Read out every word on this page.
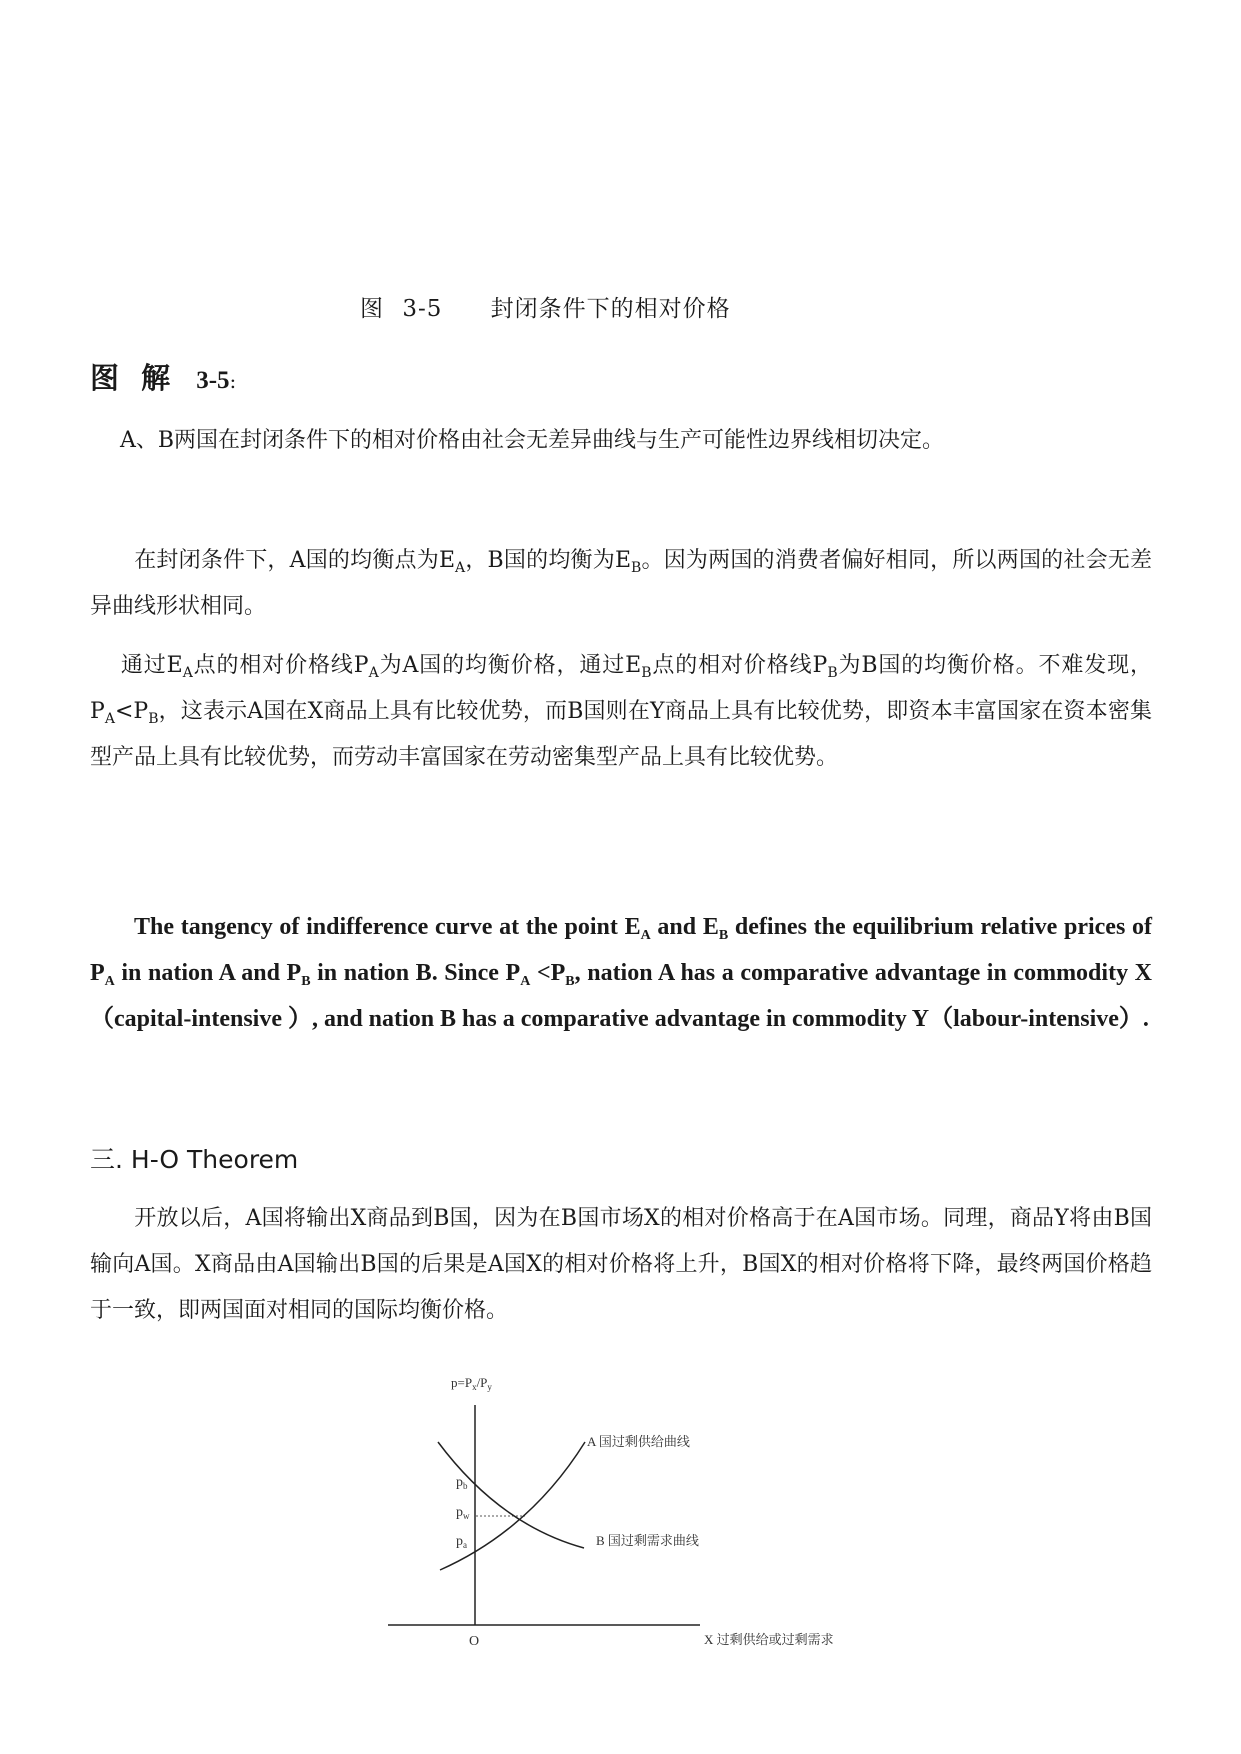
图 3-5 封闭条件下的相对价格
图 解 3-5:
A、B两国在封闭条件下的相对价格由社会无差异曲线与生产可能性边界线相切决定。
在封闭条件下，A国的均衡点为$E_A$，B国的均衡为$E_B$。因为两国的消费者偏好相同，所以两国的社会无差异曲线形状相同。
通过$E_A$点的相对价格线$P_A$为A国的均衡价格，通过$E_B$点的相对价格线$P_B$为B国的均衡价格。不难发现，$P_A<P_B$，这表示A国在X商品上具有比较优势，而B国则在Y商品上具有比较优势，即资本丰富国家在资本密集型产品上具有比较优势，而劳动丰富国家在劳动密集型产品上具有比较优势。
The tangency of indifference curve at the point $E_A$ and $E_B$ defines the equilibrium relative prices of $P_A$ in nation A and $P_B$ in nation B. Since $P_A <P_B$, nation A has a comparative advantage in commodity X （capital-intensive ）, and nation B has a comparative advantage in commodity Y（labour-intensive）.
三. H-O Theorem
开放以后，A国将输出X商品到B国，因为在B国市场X的相对价格高于在A国市场。同理，商品Y将由B国输向A国。X商品由A国输出B国的后果是A国X的相对价格将上升，B国X的相对价格将下降，最终两国价格趋于一致，即两国面对相同的国际均衡价格。
$p=P_x/P_y$
O	X 过剩供给或过剩需求
$p_b$
$p_w$
$p_a$
A 国过剩供给曲线
B 国过剩需求曲线
